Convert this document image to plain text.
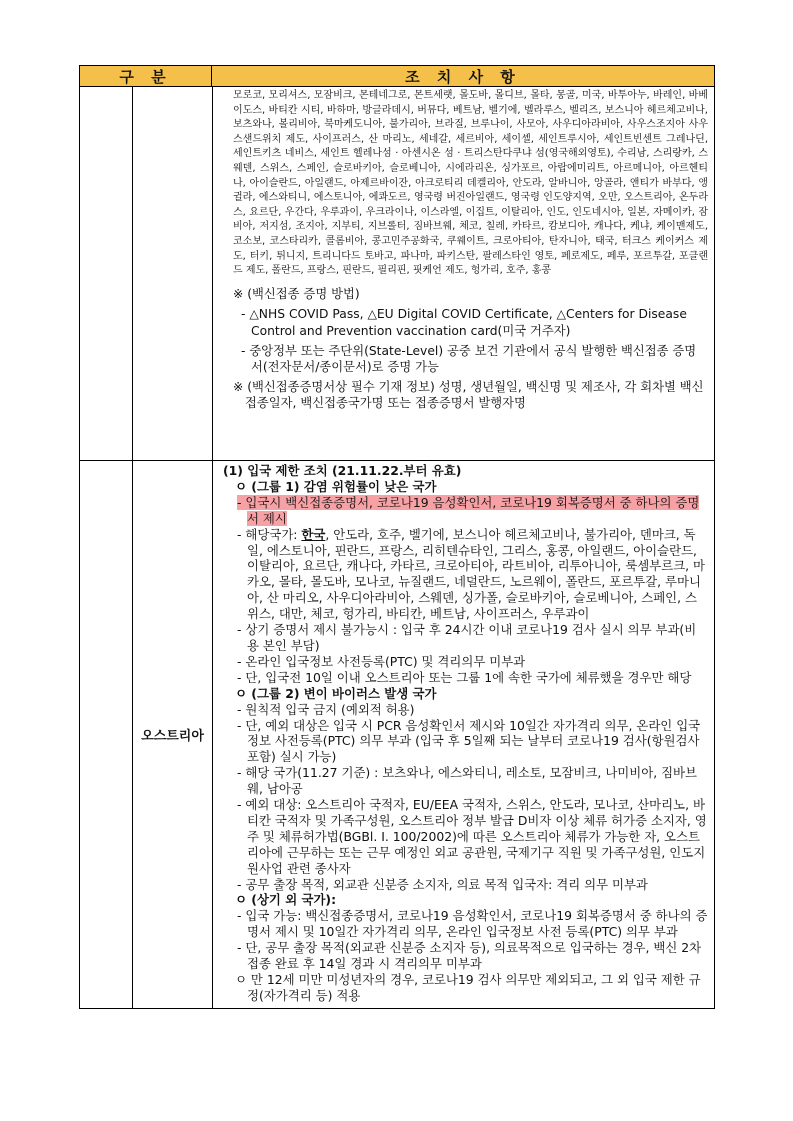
구 분	조 치 사 항

모로코, 모리셔스, 모잠비크, 몬테네그로, 몬트세랫, 몰도바, 몰디브, 몰타, 몽골, 미국, 바투아누, 바레인, 바베이도스, 바티칸 시티, 바하마, 방글라데시, 버뮤다, 베트남, 벨기에, 벨라루스, 벨리즈, 보스니아 헤르체고비나, 보츠와나, 볼리비아, 북마케도니아, 불가리아, 브라질, 브루나이, 사모아, 사우디아라비아, 사우스조지아 사우스샌드위치 제도, 사이프러스, 산 마리노, 세네갈, 세르비아, 세이셸, 세인트루시아, 세인트빈센트 그레나딘, 세인트키츠 네비스, 세인트 헬레나섬 · 아센시온 섬 · 트리스탄다쿠냐 섬(영국해외영토), 수리남, 스리랑카, 스웨덴, 스위스, 스페인, 슬로바키아, 슬로베니아, 시에라리온, 싱가포르, 아랍에미리트, 아르메니아, 아르헨티나, 아이슬란드, 아일랜드, 아제르바이잔, 아크로티리 데켈리아, 안도라, 알바니아, 앙골라, 앤티가 바부다, 앵귈라, 에스와티니, 에스토니아, 에콰도르, 영국령 버진아일랜드, 영국령 인도양지역, 오만, 오스트리아, 온두라스, 요르단, 우간다, 우루과이, 우크라이나, 이스라엘, 이집트, 이탈리아, 인도, 인도네시아, 일본, 자메이카, 잠비아, 저지섬, 조지아, 지부티, 지브롤터, 짐바브웨, 체코, 칠레, 카타르, 캄보디아, 캐나다, 케냐, 케이맨제도, 코소보, 코스타리카, 콜롬비아, 콩고민주공화국, 쿠웨이트, 크로아티아, 탄자니아, 태국, 터크스 케이커스 제도, 터키, 튀니지, 트리니다드 토바고, 파나마, 파키스탄, 팔레스타인 영토, 페로제도, 페루, 포르투갈, 포클랜드 제도, 폴란드, 프랑스, 핀란드, 필리핀, 핏케언 제도, 헝가리, 호주, 홍콩

※ (백신접종 증명 방법)

- △NHS COVID Pass, △EU Digital COVID Certificate, △Centers for Disease Control and Prevention vaccination card(미국 거주자)

- 중앙정부 또는 주단위(State-Level) 공중 보건 기관에서 공식 발행한 백신접종 증명서(전자문서/종이문서)로 증명 가능

※ (백신접종증명서상 필수 기재 정보) 성명, 생년월일, 백신명 및 제조사, 각 회차별 백신접종일자, 백신접종국가명 또는 접종증명서 발행자명

오스트리아

(1) 입국 제한 조치 (21.11.22.부터 유효)

ㅇ (그룹 1) 감염 위험률이 낮은 국가

- 입국시 백신접종증명서, 코로나19 음성확인서, 코로나19 회복증명서 중 하나의 증명서 제시

- 해당국가: 한국, 안도라, 호주, 벨기에, 보스니아 헤르체고비나, 불가리아, 덴마크, 독일, 에스토니아, 핀란드, 프랑스, 리히텐슈타인, 그리스, 홍콩, 아일랜드, 아이슬란드, 이탈리아, 요르단, 캐나다, 카타르, 크로아티아, 라트비아, 리투아니아, 룩셈부르크, 마카오, 몰타, 몰도바, 모나코, 뉴질랜드, 네덜란드, 노르웨이, 폴란드, 포르투갈, 루마니아, 산 마리오, 사우디아라비아, 스웨덴, 싱가폴, 슬로바키아, 슬로베니아, 스페인, 스위스, 대만, 체코, 헝가리, 바티칸, 베트남, 사이프러스, 우루과이

- 상기 증명서 제시 불가능시 : 입국 후 24시간 이내 코로나19 검사 실시 의무 부과(비용 본인 부담)

- 온라인 입국정보 사전등록(PTC) 및 격리의무 미부과

- 단, 입국전 10일 이내 오스트리아 또는 그룹 1에 속한 국가에 체류했을 경우만 해당

ㅇ (그룹 2) 변이 바이러스 발생 국가

- 원칙적 입국 금지 (예외적 허용)

- 단, 예외 대상은 입국 시 PCR 음성확인서 제시와 10일간 자가격리 의무, 온라인 입국정보 사전등록(PTC) 의무 부과 (입국 후 5일째 되는 날부터 코로나19 검사(항원검사 포함) 실시 가능)

- 해당 국가(11.27 기준) : 보츠와나, 에스와티니, 레소토, 모잠비크, 나미비아, 짐바브웨, 남아공

- 예외 대상: 오스트리아 국적자, EU/EEA 국적자, 스위스, 안도라, 모나코, 산마리노, 바티칸 국적자 및 가족구성원, 오스트리아 정부 발급 D비자 이상 체류 허가증 소지자, 영주 및 체류허가법(BGBl. I. 100/2002)에 따른 오스트리아 체류가 가능한 자, 오스트리아에 근무하는 또는 근무 예정인 외교 공관원, 국제기구 직원 및 가족구성원, 인도지원사업 관련 종사자

- 공무 출장 목적, 외교관 신분증 소지자, 의료 목적 입국자: 격리 의무 미부과

ㅇ (상기 외 국가):

- 입국 가능: 백신접종증명서, 코로나19 음성확인서, 코로나19 회복증명서 중 하나의 증명서 제시 및 10일간 자가격리 의무, 온라인 입국정보 사전 등록(PTC) 의무 부과

- 단, 공무 출장 목적(외교관 신분증 소지자 등), 의료목적으로 입국하는 경우, 백신 2차 접종 완료 후 14일 경과 시 격리의무 미부과

ㅇ 만 12세 미만 미성년자의 경우, 코로나19 검사 의무만 제외되고, 그 외 입국 제한 규정(자가격리 등) 적용
